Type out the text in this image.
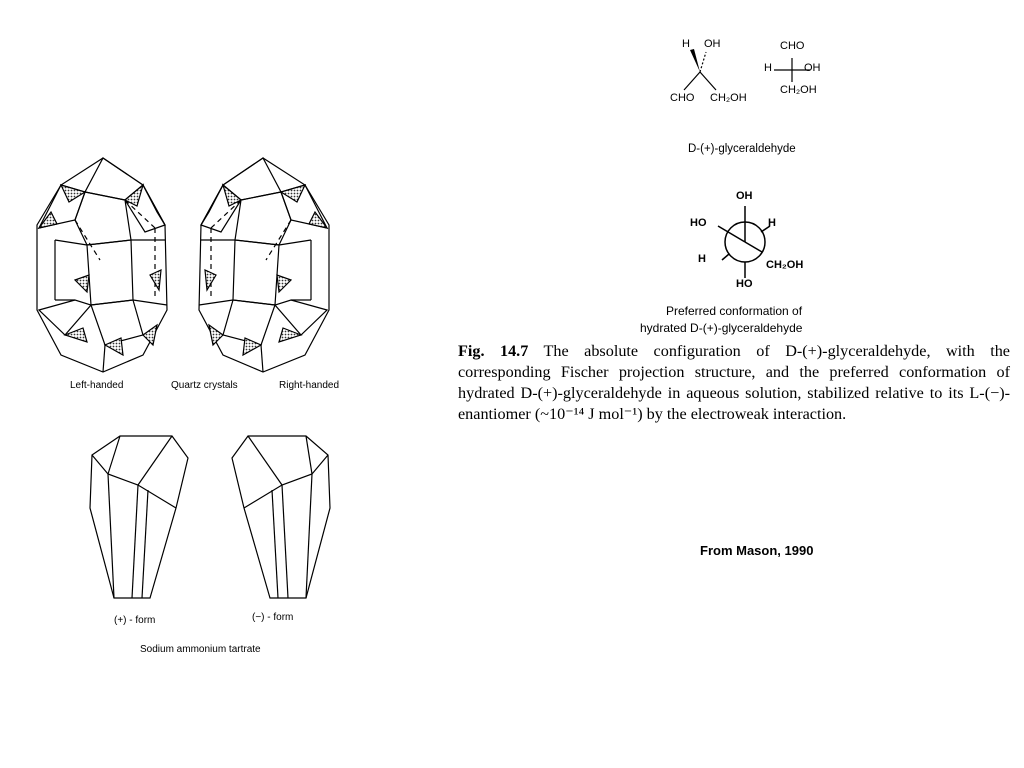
Left-handed	Quartz crystals	Right-handed
(+) - form	(−) - form
Sodium ammonium tartrate
H OH
CHO CH₂OH
CHO
H	OH
CH₂OH
D-(+)-glyceraldehyde
OH
HO	H
H	CH₂OH
HO
Preferred conformation of
hydrated D-(+)-glyceraldehyde
Fig. 14.7 The absolute configuration of D-(+)-glyceraldehyde, with the corresponding Fischer projection structure, and the preferred conformation of hydrated D-(+)-glyceraldehyde in aqueous solution, stabilized relative to its L-(−)-enantiomer (~10⁻¹⁴ J mol⁻¹) by the electroweak interaction.
From Mason, 1990
